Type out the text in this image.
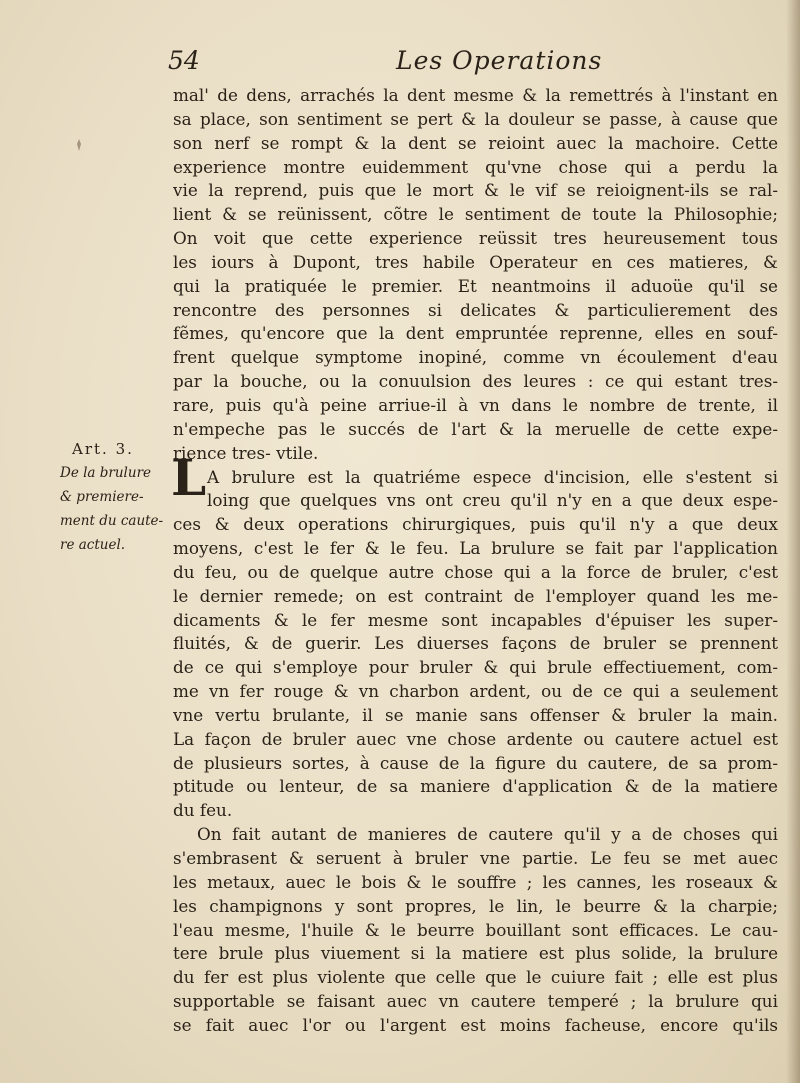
54	Les Operations

Art. 3.

De la brulure
& premiere-
ment du caute-
re actuel.

L

mal' de dens, arrachés la dent mesme & la remettrés à l'instant en
sa place, son sentiment se pert & la douleur se passe, à cause que
son nerf se rompt & la dent se reioint auec la machoire. Cette
experience montre euidemment qu'vne chose qui a perdu la
vie la reprend, puis que le mort & le vif se reioignent-ils se ral-
lient & se reünissent, cõtre le sentiment de toute la Philosophie;
On voit que cette experience reüssit tres heureusement tous
les iours à Dupont, tres habile Operateur en ces matieres, &
qui la pratiquée le premier. Et neantmoins il aduoüe qu'il se
rencontre des personnes si delicates & particulierement des
fẽmes, qu'encore que la dent empruntée reprenne, elles en souf-
frent quelque symptome inopiné, comme vn écoulement d'eau
par la bouche, ou la conuulsion des leures : ce qui estant tres-
rare, puis qu'à peine arriue-il à vn dans le nombre de trente, il
n'empeche pas le succés de l'art & la meruelle de cette expe-
rience tres- vtile.
A brulure est la quatriéme espece d'incision, elle s'estent si
loing que quelques vns ont creu qu'il n'y en a que deux espe-
ces & deux operations chirurgiques, puis qu'il n'y a que deux
moyens, c'est le fer & le feu. La brulure se fait par l'application
du feu, ou de quelque autre chose qui a la force de bruler, c'est
le dernier remede; on est contraint de l'employer quand les me-
dicaments & le fer mesme sont incapables d'épuiser les super-
fluités, & de guerir. Les diuerses façons de bruler se prennent
de ce qui s'employe pour bruler & qui brule effectiuement, com-
me vn fer rouge & vn charbon ardent, ou de ce qui a seulement
vne vertu brulante, il se manie sans offenser & bruler la main.
La façon de bruler auec vne chose ardente ou cautere actuel est
de plusieurs sortes, à cause de la figure du cautere, de sa prom-
ptitude ou lenteur, de sa maniere d'application & de la matiere
du feu.
On fait autant de manieres de cautere qu'il y a de choses qui
s'embrasent & seruent à bruler vne partie. Le feu se met auec
les metaux, auec le bois & le souffre ; les cannes, les roseaux &
les champignons y sont propres, le lin, le beurre & la charpie;
l'eau mesme, l'huile & le beurre bouillant sont efficaces. Le cau-
tere brule plus viuement si la matiere est plus solide, la brulure
du fer est plus violente que celle que le cuiure fait ; elle est plus
supportable se faisant auec vn cautere temperé ; la brulure qui
se fait auec l'or ou l'argent est moins facheuse, encore qu'ils
